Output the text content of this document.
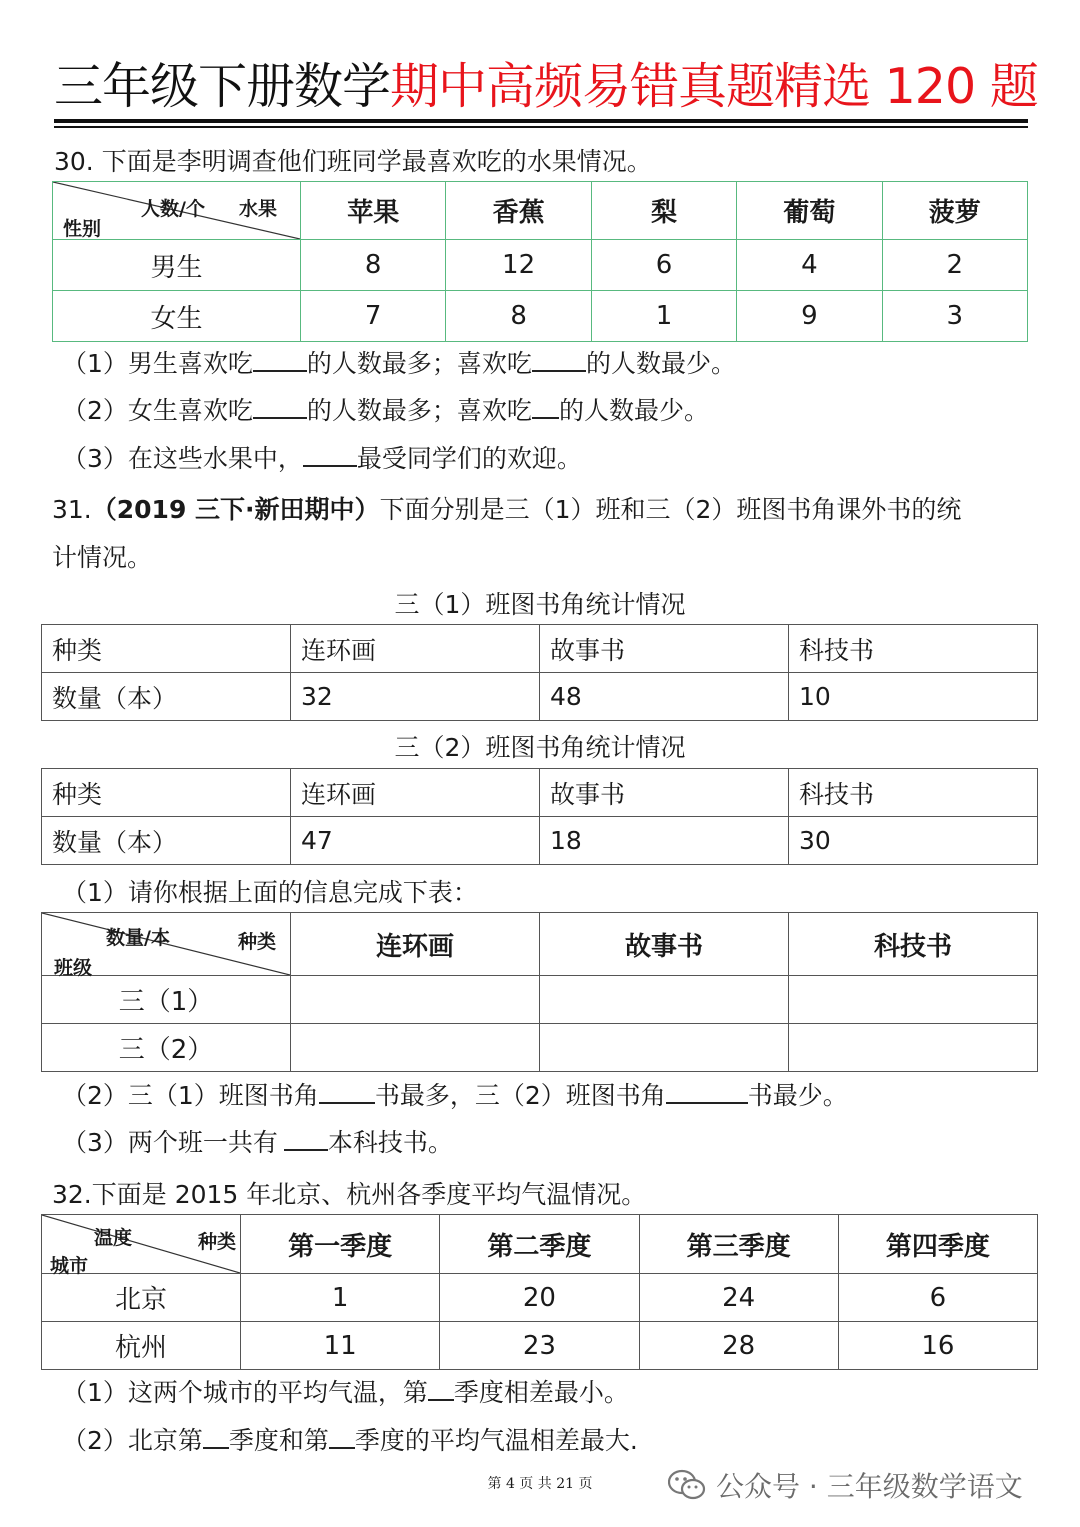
三年级下册数学期中高频易错真题精选 120 题

30. 下面是李明调查他们班同学最喜欢吃的水果情况。

人数/个 水果
性别	苹果	香蕉	梨	葡萄	菠萝
男生	8	12	6	4	2
女生	7	8	1	9	3

（1）男生喜欢吃 的人数最多；喜欢吃 的人数最少。

（2）女生喜欢吃 的人数最多；喜欢吃 的人数最少。

（3）在这些水果中， 最受同学们的欢迎。

31.（2019 三下·新田期中）下面分别是三（1）班和三（2）班图书角课外书的统

计情况。

三（1）班图书角统计情况

种类	连环画	故事书	科技书
数量（本）	32	48	10

三（2）班图书角统计情况

种类	连环画	故事书	科技书
数量（本）	47	18	30

（1）请你根据上面的信息完成下表：

数量/本 种类
班级	连环画	故事书	科技书
三（1）			
三（2）			

（2）三（1）班图书角 书最多，三（2）班图书角	书最少。

（3）两个班一共有 本科技书。

32.下面是 2015 年北京、杭州各季度平均气温情况。

温度 种类
城市	第一季度	第二季度	第三季度	第四季度
北京	1	20	24	6
杭州	11	23	28	16

（1）这两个城市的平均气温，第 季度相差最小。

（2）北京第 季度和第 季度的平均气温相差最大.

第 4 页 共 21 页	公众号 · 三年级数学语文
